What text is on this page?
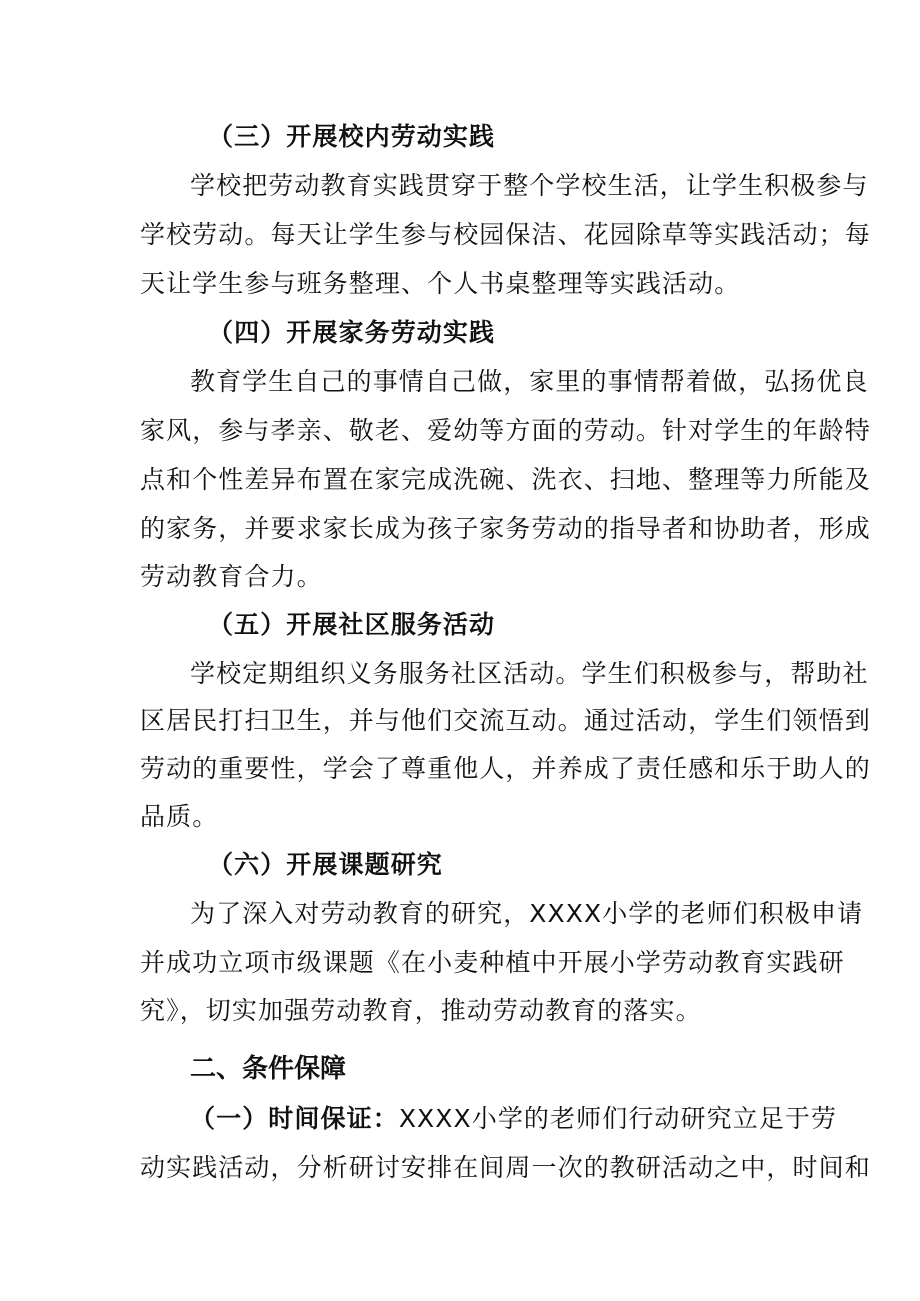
（三）开展校内劳动实践
学校把劳动教育实践贯穿于整个学校生活，让学生积极参与
学校劳动。每天让学生参与校园保洁、花园除草等实践活动；每
天让学生参与班务整理、个人书桌整理等实践活动。
（四）开展家务劳动实践
教育学生自己的事情自己做，家里的事情帮着做，弘扬优良
家风，参与孝亲、敬老、爱幼等方面的劳动。针对学生的年龄特
点和个性差异布置在家完成洗碗、洗衣、扫地、整理等力所能及
的家务，并要求家长成为孩子家务劳动的指导者和协助者，形成
劳动教育合力。
（五）开展社区服务活动
学校定期组织义务服务社区活动。学生们积极参与，帮助社
区居民打扫卫生，并与他们交流互动。通过活动，学生们领悟到
劳动的重要性，学会了尊重他人，并养成了责任感和乐于助人的
品质。
（六）开展课题研究
为了深入对劳动教育的研究，XXXX小学的老师们积极申请
并成功立项市级课题《在小麦种植中开展小学劳动教育实践研
究》，切实加强劳动教育，推动劳动教育的落实。
二、条件保障
（一）时间保证：XXXX小学的老师们行动研究立足于劳
动实践活动，分析研讨安排在间周一次的教研活动之中，时间和
